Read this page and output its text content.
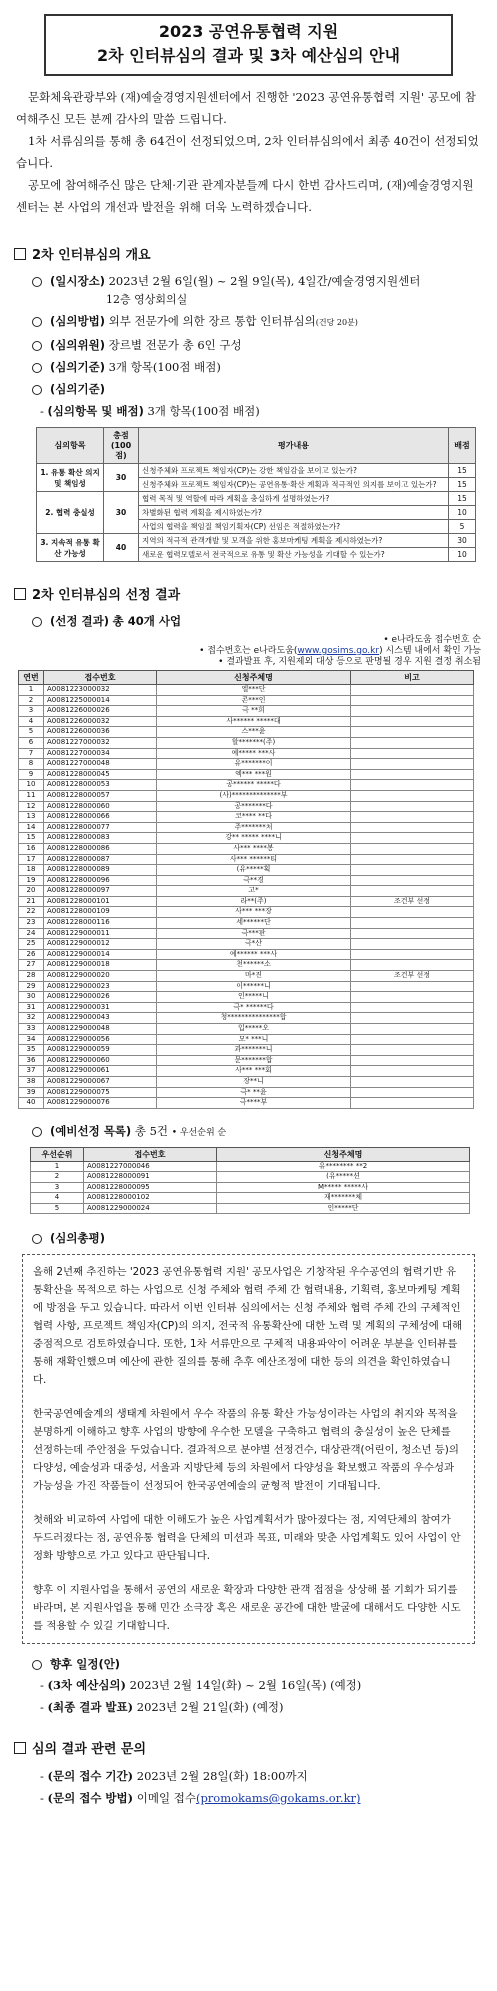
2023 공연유통협력 지원
2차 인터뷰심의 결과 및 3차 예산심의 안내

문화체육관광부와 (재)예술경영지원센터에서 진행한 '2023 공연유통협력 지원' 공모에 참여해주신 모든 분께 감사의 말씀 드립니다.

1차 서류심의를 통해 총 64건이 선정되었으며, 2차 인터뷰심의에서 최종 40건이 선정되었습니다.

공모에 참여해주신 많은 단체·기관 관계자분들께 다시 한번 감사드리며, (재)예술경영지원센터는 본 사업의 개선과 발전을 위해 더욱 노력하겠습니다.

2차 인터뷰심의 개요
(일시장소) 2023년 2월 6일(월) ~ 2월 9일(목), 4일간/예술경영지원센터
12층 영상회의실
(심의방법) 외부 전문가에 의한 장르 통합 인터뷰심의(건당 20분)
(심의위원) 장르별 전문가 총 6인 구성
(심의기준) 3개 항목(100점 배점)
(심의기준)
- (심의항목 및 배점) 3개 항목(100점 배점)
심의항목	총점(100점)	평가내용	배점
1. 유통 확산 의지 및 책임성	30	신청주체와 프로젝트 책임자(CP)는 강한 책임감을 보이고 있는가?	15
		신청주체와 프로젝트 책임자(CP)는 공연유통·확산 계획과 적극적인 의지를 보이고 있는가?	15
2. 협력 충실성	30	협력 목적 및 역할에 따라 계획을 충실하게 설명하였는가?	15
		차별화된 협력 계획을 제시하였는가?	10
		사업의 협력을 책임질 책임기획자(CP) 선임은 적절하였는가?	5
3. 지속적 유통 확산 가능성	40	지역의 적극적 관객개발 및 모객을 위한 홍보마케팅 계획을 제시하였는가?	30
		새로운 협력모델로서 전국적으로 유통 및 확산 가능성을 기대할 수 있는가?	10
2차 인터뷰심의 선정 결과
(선정 결과) 총 40개 사업
• e나라도움 접수번호 순
• 접수번호는 e나라도움(www.gosims.go.kr) 시스템 내에서 확인 가능
• 결과발표 후, 지원제외 대상 등으로 판명될 경우 지원 결정 취소됨
연번	접수번호	신청주체명	비고
1	A0081223000032	엘***단	
2	A0081225000014	콘***인	
3	A0081226000026	극 **희	
4	A0081226000032	사****** *****대	
5	A0081226000036	스***윤	
6	A0081227000032	할*******(주)	
7	A0081227000034	예***** ***사	
8	A0081227000048	유*******이	
9	A0081228000045	엑*** ***원	
10	A0081228000053	공****** *****다	
11	A0081228000057	(사)**************부	
12	A0081228000060	공*******다	
13	A0081228000066	코**** **다	
14	A0081228000077	주*******처	
15	A0081228000083	강** ***** ****니	
16	A0081228000086	사*** ****봉	
17	A0081228000087	사*** ******티	
18	A0081228000089	(유*****획	
19	A0081228000096	극**경	
20	A0081228000097	고*	
21	A0081228000101	라**(주)	조건부 선정
22	A0081228000109	사*** ***장	
23	A0081228000116	세******단	
24	A0081229000011	극***판	
25	A0081229000012	극*산	
26	A0081229000014	예****** ***사	
27	A0081229000018	천******소	
28	A0081229000020	마*진	조건부 선정
29	A0081229000023	이******니	
30	A0081229000026	인*****니	
31	A0081229000031	극* ******다	
32	A0081229000043	청***************합	
33	A0081229000048	입*****오	
34	A0081229000056	모* ***니	
35	A0081229000059	과*******니	
36	A0081229000060	문*******합	
37	A0081229000061	사*** ***회	
38	A0081229000067	장**니	
39	A0081229000075	극* **윤	
40	A0081229000076	극****부	
(예비선정 목록) 총 5건 • 우선순위 순
우선순위	접수번호	신청주체명
1	A0081227000046	유******** **2
2	A0081228000091	(유*****션
3	A0081228000095	M***** *****사
4	A0081228000102	재*******체
5	A0081229000024	인*****단
(심의총평)

올해 2년째 추진하는 '2023 공연유통협력 지원' 공모사업은 기창작된 우수공연의 협력기반 유통확산을 목적으로 하는 사업으로 신청 주체와 협력 주체 간 협력내용, 기획력, 홍보마케팅 계획에 방점을 두고 있습니다. 따라서 이번 인터뷰 심의에서는 신청 주체와 협력 주체 간의 구체적인 협력 사항, 프로젝트 책임자(CP)의 의지, 전국적 유통확산에 대한 노력 및 계획의 구체성에 대해 중점적으로 검토하였습니다. 또한, 1차 서류만으로 구체적 내용파악이 어려운 부분을 인터뷰를 통해 재확인했으며 예산에 관한 질의를 통해 추후 예산조정에 대한 등의 의견을 확인하였습니다.

한국공연예술계의 생태계 차원에서 우수 작품의 유통 확산 가능성이라는 사업의 취지와 목적을 분명하게 이해하고 향후 사업의 방향에 우수한 모델을 구축하고 협력의 충실성이 높은 단체를 선정하는데 주안점을 두었습니다. 결과적으로 분야별 선정건수, 대상관객(어린이, 청소년 등)의 다양성, 예술성과 대중성, 서울과 지방단체 등의 차원에서 다양성을 확보했고 작품의 우수성과 가능성을 가진 작품들이 선정되어 한국공연예술의 균형적 발전이 기대됩니다.

첫해와 비교하여 사업에 대한 이해도가 높은 사업계획서가 많아졌다는 점, 지역단체의 참여가 두드러졌다는 점, 공연유통 협력을 단체의 미션과 목표, 미래와 맞춘 사업계획도 있어 사업이 안정화 방향으로 가고 있다고 판단됩니다.

향후 이 지원사업을 통해서 공연의 새로운 확장과 다양한 관객 접점을 상상해 볼 기회가 되기를 바라며, 본 지원사업을 통해 민간 소극장 혹은 새로운 공간에 대한 발굴에 대해서도 다양한 시도를 적용할 수 있길 기대합니다.

향후 일정(안)
- (3차 예산심의) 2023년 2월 14일(화) ~ 2월 16일(목) (예정)
- (최종 결과 발표) 2023년 2월 21일(화) (예정)
심의 결과 관련 문의
- (문의 접수 기간) 2023년 2월 28일(화) 18:00까지
- (문의 접수 방법) 이메일 접수(promokams@gokams.or.kr)
